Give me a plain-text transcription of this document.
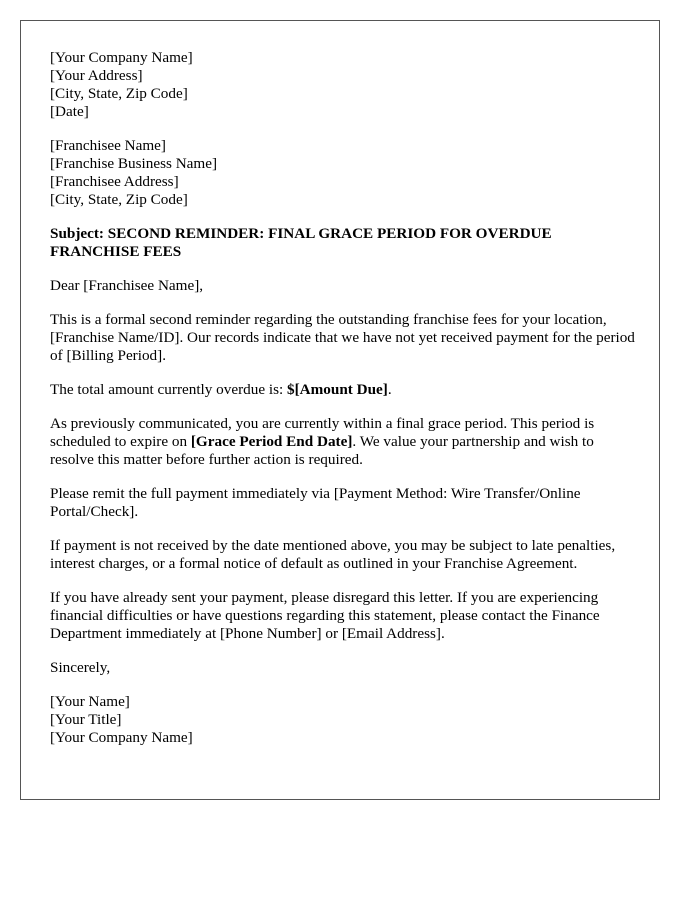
[Your Company Name]
[Your Address]
[City, State, Zip Code]
[Date]
[Franchisee Name]
[Franchise Business Name]
[Franchisee Address]
[City, State, Zip Code]

Subject: SECOND REMINDER: FINAL GRACE PERIOD FOR OVERDUE FRANCHISE FEES

Dear [Franchisee Name],

This is a formal second reminder regarding the outstanding franchise fees for your location, [Franchise Name/ID]. Our records indicate that we have not yet received payment for the period of [Billing Period].

The total amount currently overdue is: $[Amount Due].

As previously communicated, you are currently within a final grace period. This period is scheduled to expire on [Grace Period End Date]. We value your partnership and wish to resolve this matter before further action is required.

Please remit the full payment immediately via [Payment Method: Wire Transfer/Online Portal/Check].

If payment is not received by the date mentioned above, you may be subject to late penalties, interest charges, or a formal notice of default as outlined in your Franchise Agreement.

If you have already sent your payment, please disregard this letter. If you are experiencing financial difficulties or have questions regarding this statement, please contact the Finance Department immediately at [Phone Number] or [Email Address].

Sincerely,

[Your Name]
[Your Title]
[Your Company Name]
